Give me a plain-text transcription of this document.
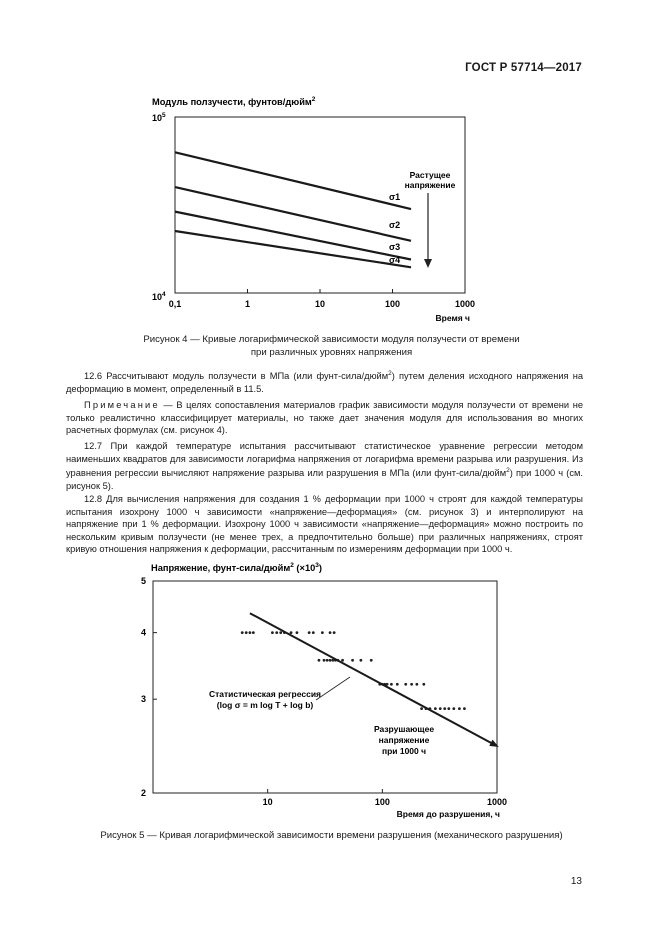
ГОСТ Р 57714—2017
Модуль ползучести, фунтов/дюйм$^2$
$10^5$
$10^4$
0,1	1	10	100	1000
σ1
σ2
σ3
σ4
Растущее
напряжение
Время ч
Рисунок 4 — Кривые логарифмической зависимости модуля ползучести от времени
при различных уровнях напряжения

12.6 Рассчитывают модуль ползучести в МПа (или фунт-сила/дюйм$^2$) путем деления исходного напряжения на деформацию в момент, определенный в 11.5.

Примечание — В целях сопоставления материалов график зависимости модуля ползучести от времени не только реалистично классифицирует материалы, но также дает значения модуля для использования во многих расчетных формулах (см. рисунок 4).

12.7 При каждой температуре испытания рассчитывают статистическое уравнение регрессии методом наименьших квадратов для зависимости логарифма напряжения от логарифма времени разрыва или разрушения. Из уравнения регрессии вычисляют напряжение разрыва или разрушения в МПа (или фунт-сила/дюйм$^2$) при 1000 ч (см. рисунок 5).

12.8 Для вычисления напряжения для создания 1 % деформации при 1000 ч строят для каждой температуры испытания изохрону 1000 ч зависимости «напряжение—деформация» (см. рисунок 3) и интерполируют на напряжение при 1 % деформации. Изохрону 1000 ч зависимости «напряжение—деформация» можно построить по нескольким кривым ползучести (не менее трех, а предпочтительно больше) при различных напряжениях, строят кривую отношения напряжения к деформации, рассчитанным по измерениям деформации при 1000 ч.

Напряжение, фунт-сила/дюйм$^2$ $(\times 10^3)$
10	100	1000
2
3
4
5
Статистическая регрессия
(log σ = m log T + log b)
Разрушающее
напряжение
при 1000 ч
Время до разрушения, ч
Рисунок 5 — Кривая логарифмической зависимости времени разрушения (механического разрушения)
13
